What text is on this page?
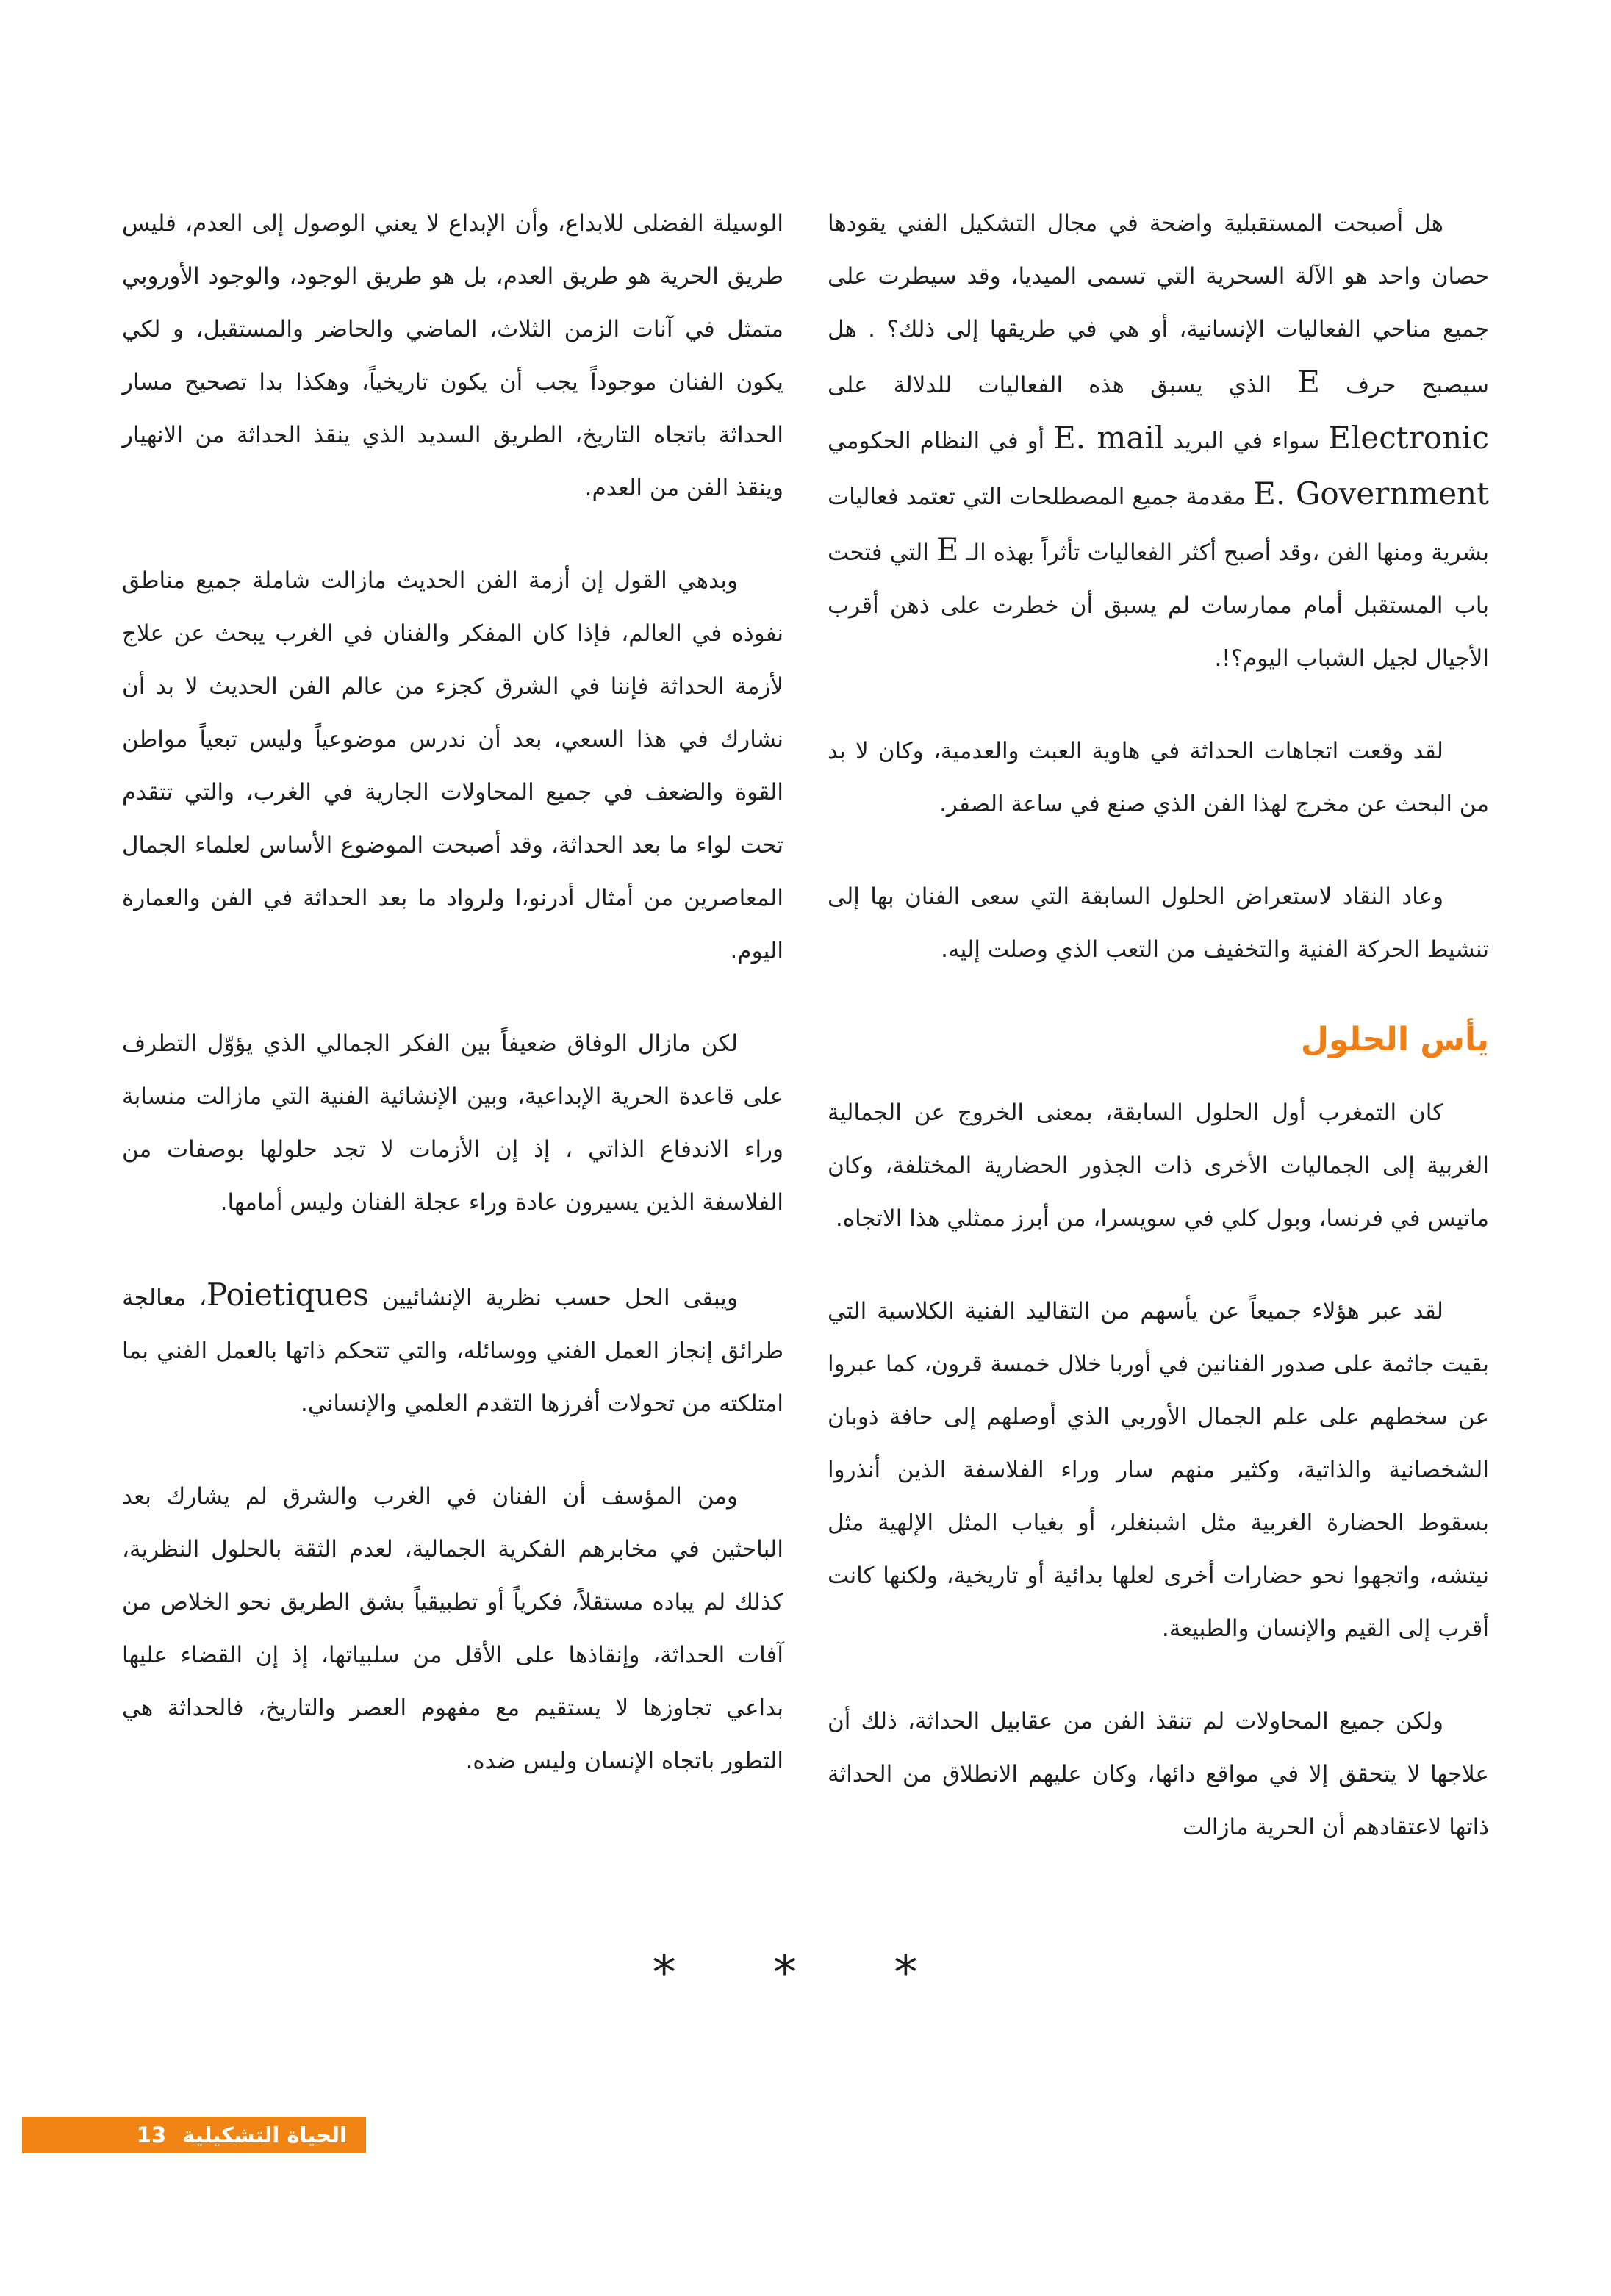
هل أصبحت المستقبلية واضحة في مجال التشكيل الفني يقودها حصان واحد هو الآلة السحرية التي تسمى الميديا، وقد سيطرت على جميع مناحي الفعاليات الإنسانية، أو هي في طريقها إلى ذلك؟ . هل سيصبح حرف E الذي يسبق هذه الفعاليات للدلالة على Electronic سواء في البريد E. mail أو في النظام الحكومي E. Government مقدمة جميع المصطلحات التي تعتمد فعاليات بشرية ومنها الفن ،وقد أصبح أكثر الفعاليات تأثراً بهذه الـ E التي فتحت باب المستقبل أمام ممارسات لم يسبق أن خطرت على ذهن أقرب الأجيال لجيل الشباب اليوم؟!.

لقد وقعت اتجاهات الحداثة في هاوية العبث والعدمية، وكان لا بد من البحث عن مخرج لهذا الفن الذي صنع في ساعة الصفر.

وعاد النقاد لاستعراض الحلول السابقة التي سعى الفنان بها إلى تنشيط الحركة الفنية والتخفيف من التعب الذي وصلت إليه.

يأس الحلول

كان التمغرب أول الحلول السابقة، بمعنى الخروج عن الجمالية الغربية إلى الجماليات الأخرى ذات الجذور الحضارية المختلفة، وكان ماتيس في فرنسا، وبول كلي في سويسرا، من أبرز ممثلي هذا الاتجاه.

لقد عبر هؤلاء جميعاً عن يأسهم من التقاليد الفنية الكلاسية التي بقيت جاثمة على صدور الفنانين في أوربا خلال خمسة قرون، كما عبروا عن سخطهم على علم الجمال الأوربي الذي أوصلهم إلى حافة ذوبان الشخصانية والذاتية، وكثير منهم سار وراء الفلاسفة الذين أنذروا بسقوط الحضارة الغربية مثل اشبنغلر، أو بغياب المثل الإلهية مثل نيتشه، واتجهوا نحو حضارات أخرى لعلها بدائية أو تاريخية، ولكنها كانت أقرب إلى القيم والإنسان والطبيعة.

ولكن جميع المحاولات لم تنقذ الفن من عقابيل الحداثة، ذلك أن علاجها لا يتحقق إلا في مواقع دائها، وكان عليهم الانطلاق من الحداثة ذاتها لاعتقادهم أن الحرية مازالت

الوسيلة الفضلى للابداع، وأن الإبداع لا يعني الوصول إلى العدم، فليس طريق الحرية هو طريق العدم، بل هو طريق الوجود، والوجود الأوروبي متمثل في آنات الزمن الثلاث، الماضي والحاضر والمستقبل، و لكي يكون الفنان موجوداً يجب أن يكون تاريخياً، وهكذا بدا تصحيح مسار الحداثة باتجاه التاريخ، الطريق السديد الذي ينقذ الحداثة من الانهيار وينقذ الفن من العدم.

وبدهي القول إن أزمة الفن الحديث مازالت شاملة جميع مناطق نفوذه في العالم، فإذا كان المفكر والفنان في الغرب يبحث عن علاج لأزمة الحداثة فإننا في الشرق كجزء من عالم الفن الحديث لا بد أن نشارك في هذا السعي، بعد أن ندرس موضوعياً وليس تبعياً مواطن القوة والضعف في جميع المحاولات الجارية في الغرب، والتي تتقدم تحت لواء ما بعد الحداثة، وقد أصبحت الموضوع الأساس لعلماء الجمال المعاصرين من أمثال أدرنو،ا ولرواد ما بعد الحداثة في الفن والعمارة اليوم.

لكن مازال الوفاق ضعيفاً بين الفكر الجمالي الذي يؤوّل التطرف على قاعدة الحرية الإبداعية، وبين الإنشائية الفنية التي مازالت منسابة وراء الاندفاع الذاتي ، إذ إن الأزمات لا تجد حلولها بوصفات من الفلاسفة الذين يسيرون عادة وراء عجلة الفنان وليس أمامها.

ويبقى الحل حسب نظرية الإنشائيين Poietiques، معالجة طرائق إنجاز العمل الفني ووسائله، والتي تتحكم ذاتها بالعمل الفني بما امتلكته من تحولات أفرزها التقدم العلمي والإنساني.

ومن المؤسف أن الفنان في الغرب والشرق لم يشارك بعد الباحثين في مخابرهم الفكرية الجمالية، لعدم الثقة بالحلول النظرية، كذلك لم يباده مستقلاً، فكرياً أو تطبيقياً بشق الطريق نحو الخلاص من آفات الحداثة، وإنقاذها على الأقل من سلبياتها، إذ إن القضاء عليها بداعي تجاوزها لا يستقيم مع مفهوم العصر والتاريخ، فالحداثة هي التطور باتجاه الإنسان وليس ضده.

* * *
الحياة التشكيلية
13
